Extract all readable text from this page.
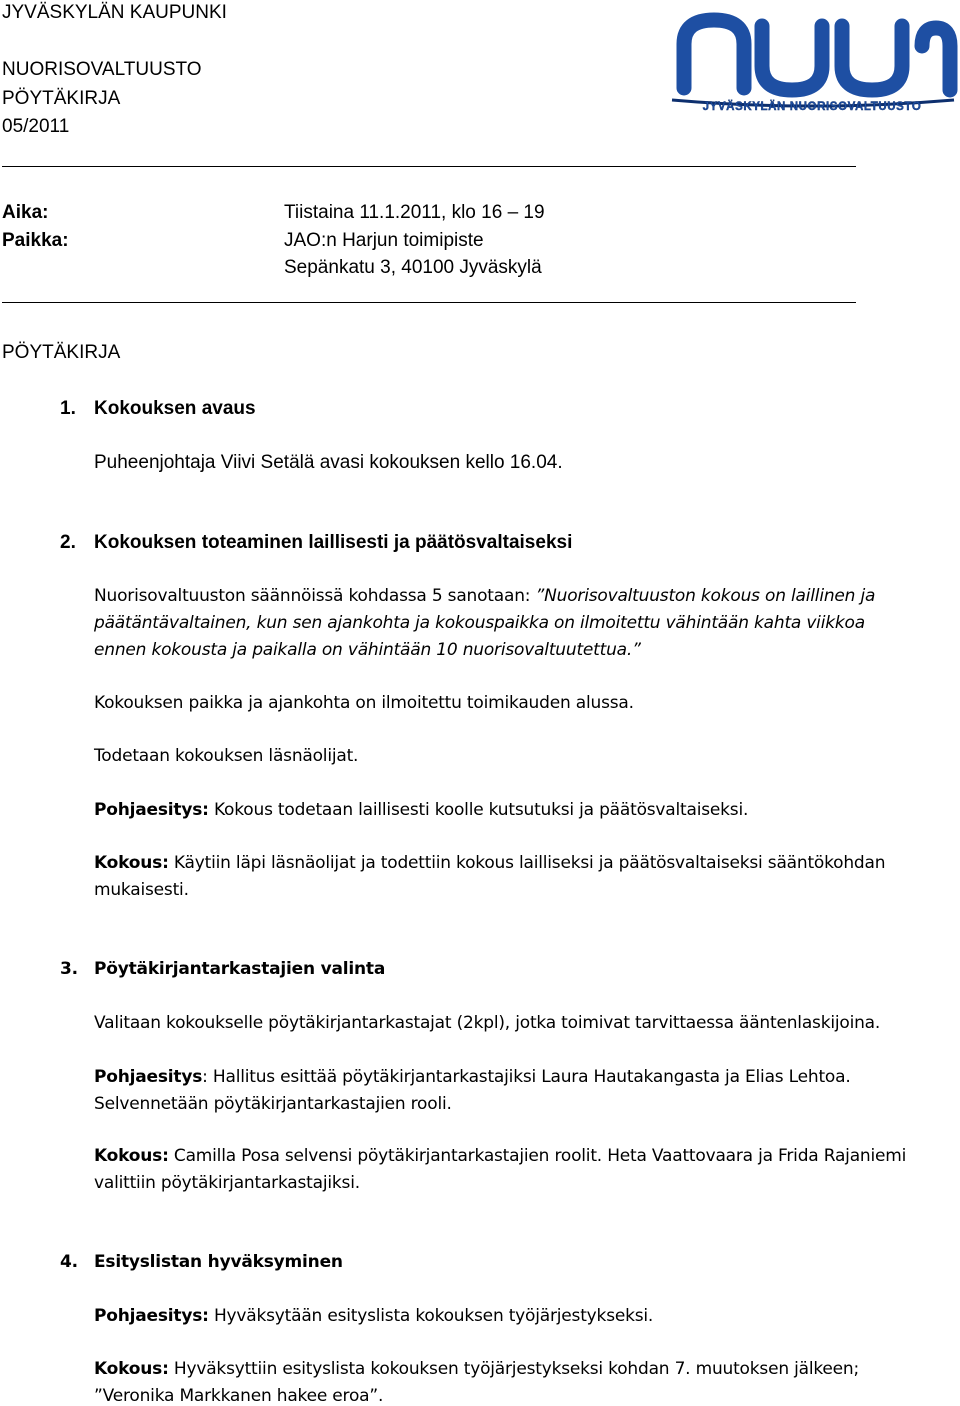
JYVÄSKYLÄN KAUPUNKI
NUORISOVALTUUSTO
PÖYTÄKIRJA
05/2011
JYVÄSKYLÄN NUORISOVALTUUSTO
Aika:	Tiistaina 11.1.2011, klo 16 – 19
Paikka:	JAO:n Harjun toimipiste
Sepänkatu 3, 40100 Jyväskylä
PÖYTÄKIRJA
1. Kokouksen avaus
Puheenjohtaja Viivi Setälä avasi kokouksen kello 16.04.
2. Kokouksen toteaminen laillisesti ja päätösvaltaiseksi
Nuorisovaltuuston säännöissä kohdassa 5 sanotaan: ”Nuorisovaltuuston kokous on laillinen ja
päätäntävaltainen, kun sen ajankohta ja kokouspaikka on ilmoitettu vähintään kahta viikkoa
ennen kokousta ja paikalla on vähintään 10 nuorisovaltuutettua.”
Kokouksen paikka ja ajankohta on ilmoitettu toimikauden alussa.
Todetaan kokouksen läsnäolijat.
Pohjaesitys: Kokous todetaan laillisesti koolle kutsutuksi ja päätösvaltaiseksi.
Kokous: Käytiin läpi läsnäolijat ja todettiin kokous lailliseksi ja päätösvaltaiseksi sääntökohdan
mukaisesti.
3. Pöytäkirjantarkastajien valinta
Valitaan kokoukselle pöytäkirjantarkastajat (2kpl), jotka toimivat tarvittaessa ääntenlaskijoina.
Pohjaesitys: Hallitus esittää pöytäkirjantarkastajiksi Laura Hautakangasta ja Elias Lehtoa.
Selvennetään pöytäkirjantarkastajien rooli.
Kokous: Camilla Posa selvensi pöytäkirjantarkastajien roolit. Heta Vaattovaara ja Frida Rajaniemi
valittiin pöytäkirjantarkastajiksi.
4. Esityslistan hyväksyminen
Pohjaesitys: Hyväksytään esityslista kokouksen työjärjestykseksi.
Kokous: Hyväksyttiin esityslista kokouksen työjärjestykseksi kohdan 7. muutoksen jälkeen;
”Veronika Markkanen hakee eroa”.
